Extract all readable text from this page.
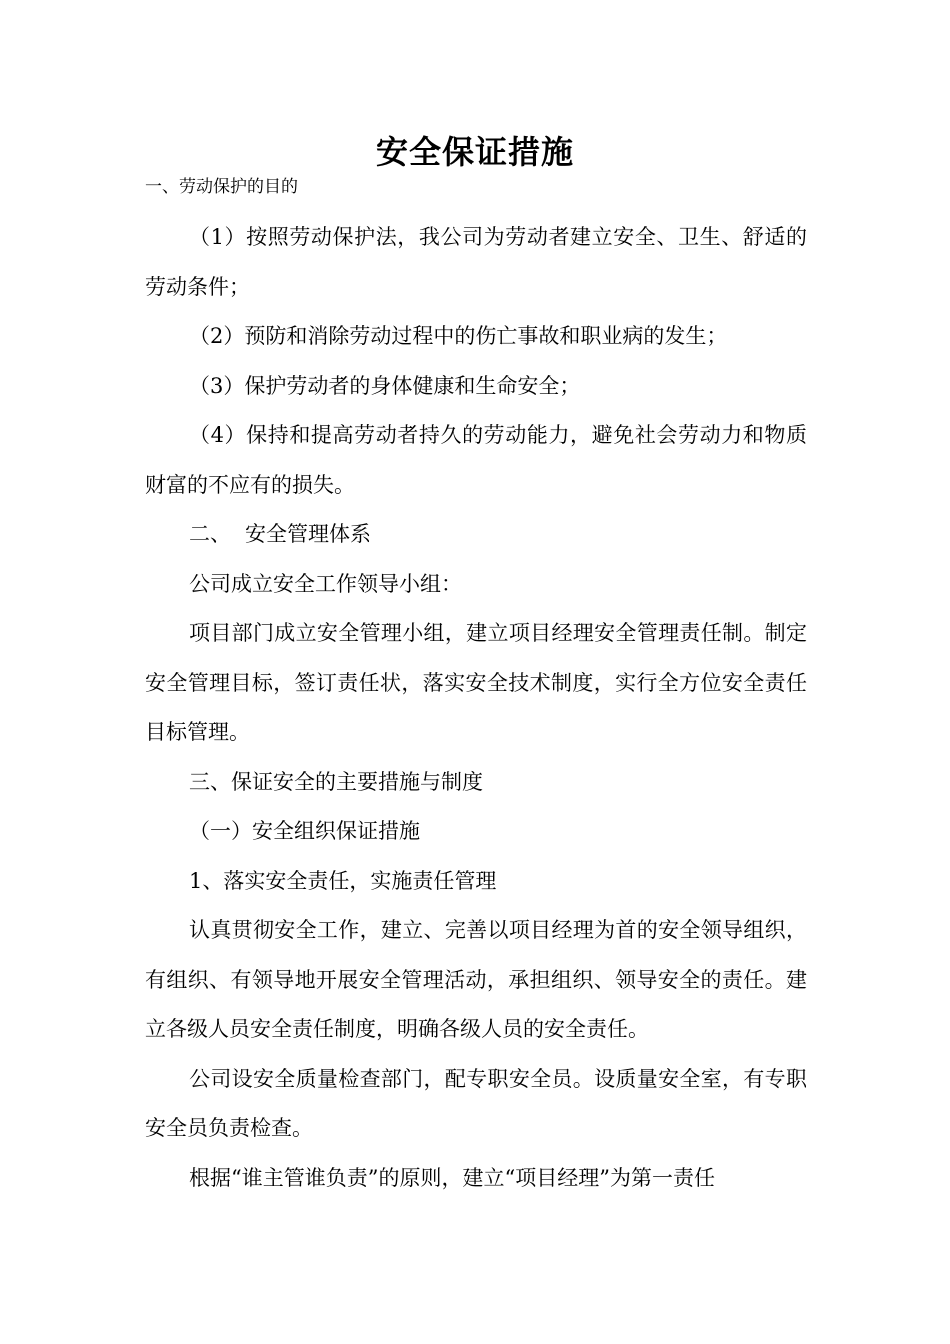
安全保证措施

一、劳动保护的目的

（1）按照劳动保护法，我公司为劳动者建立安全、卫生、舒适的劳动条件；

（2）预防和消除劳动过程中的伤亡事故和职业病的发生；

（3）保护劳动者的身体健康和生命安全；

（4）保持和提高劳动者持久的劳动能力，避免社会劳动力和物质财富的不应有的损失。

二、 安全管理体系

公司成立安全工作领导小组：

项目部门成立安全管理小组，建立项目经理安全管理责任制。制定安全管理目标，签订责任状，落实安全技术制度，实行全方位安全责任目标管理。

三、保证安全的主要措施与制度

（一）安全组织保证措施

1、落实安全责任，实施责任管理

认真贯彻安全工作，建立、完善以项目经理为首的安全领导组织，有组织、有领导地开展安全管理活动，承担组织、领导安全的责任。建立各级人员安全责任制度，明确各级人员的安全责任。

公司设安全质量检查部门，配专职安全员。设质量安全室，有专职安全员负责检查。

根据“谁主管谁负责”的原则，建立“项目经理”为第一责任
